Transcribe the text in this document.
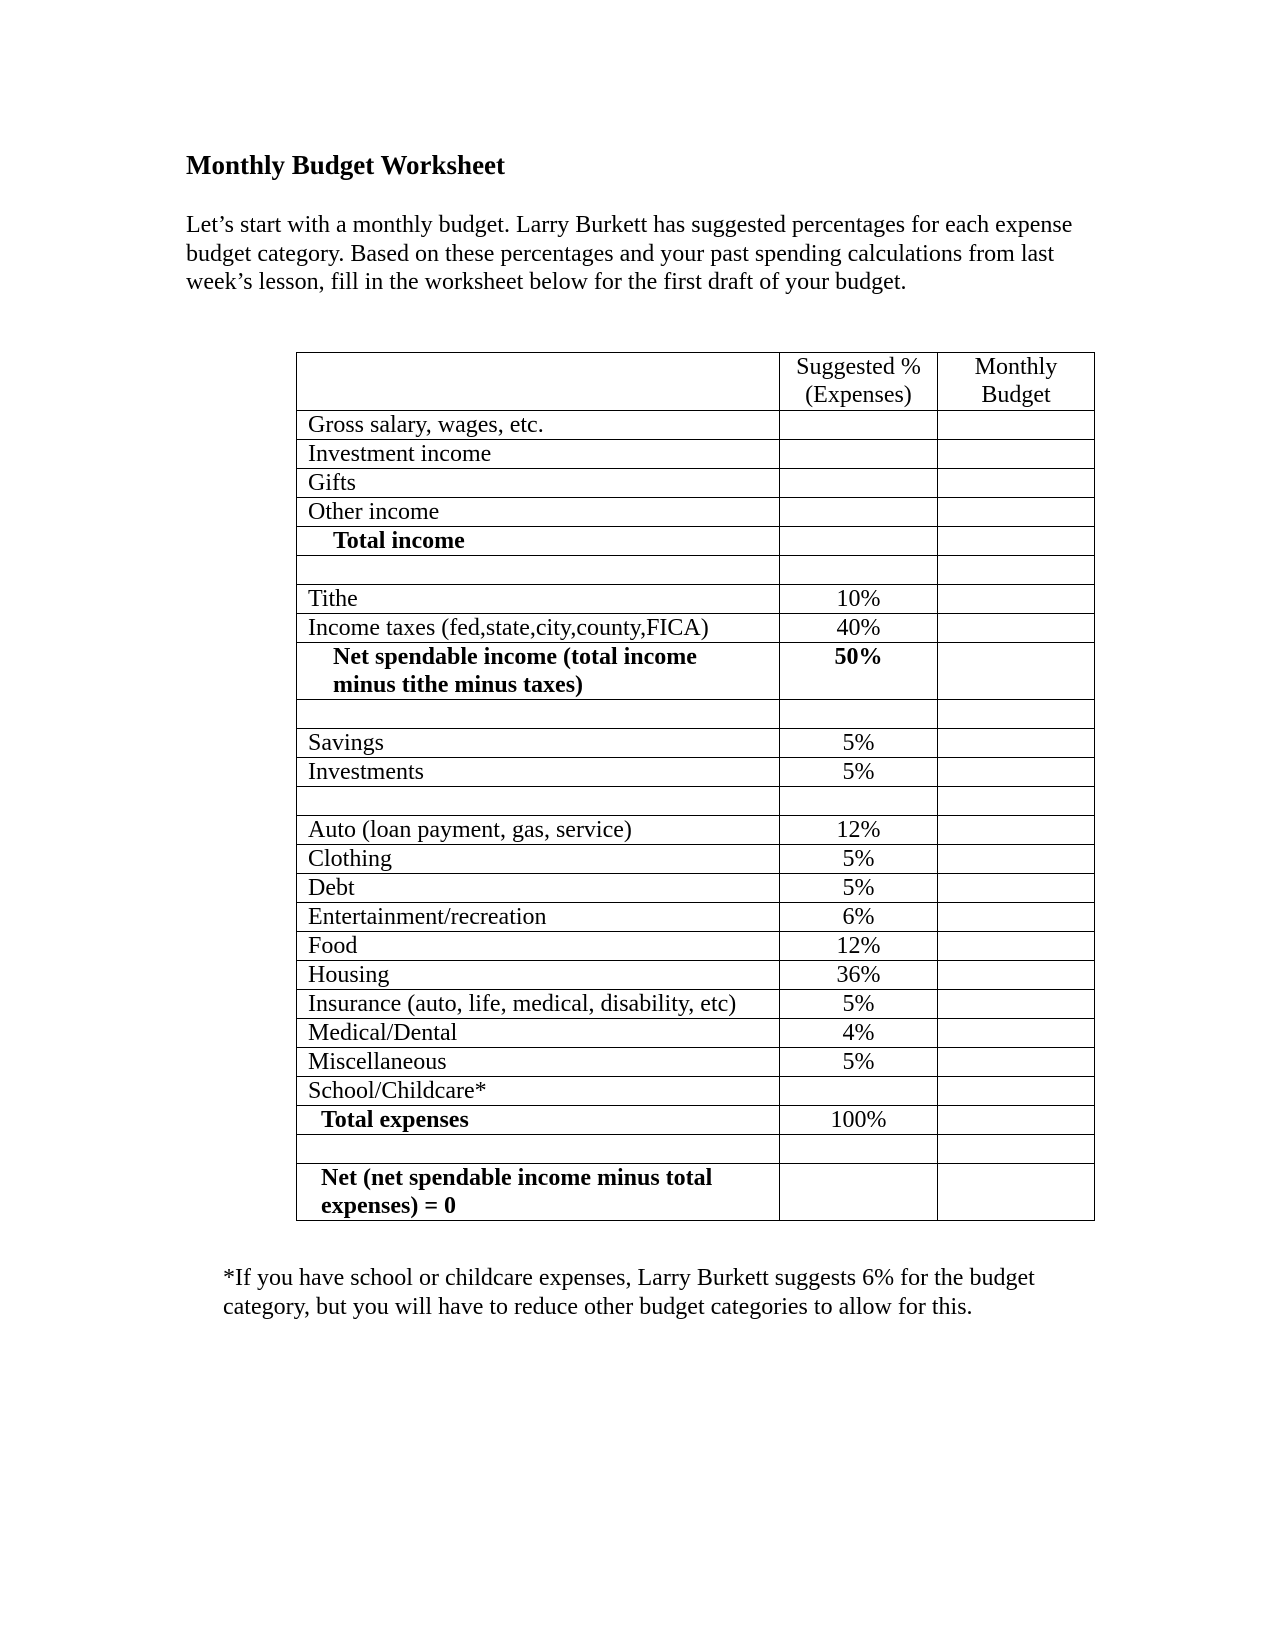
Monthly Budget Worksheet

Let’s start with a monthly budget. Larry Burkett has suggested percentages for each expense budget category. Based on these percentages and your past spending calculations from last week’s lesson, fill in the worksheet below for the first draft of your budget.

	Suggested % (Expenses)	Monthly Budget
Gross salary, wages, etc.		
Investment income		
Gifts		
Other income		

Total income		

Tithe	10%	
Income taxes (fed,state,city,county,FICA)	40%	

Net spendable income (total income minus tithe minus taxes)	50%	

Savings	5%	
Investments	5%	

Auto (loan payment, gas, service)	12%	
Clothing	5%	
Debt	5%	
Entertainment/recreation	6%	
Food	12%	
Housing	36%	
Insurance (auto, life, medical, disability, etc)	5%	
Medical/Dental	4%	
Miscellaneous	5%	
School/Childcare*		

Total expenses	100%	

Net (net spendable income minus total expenses) = 0		

*If you have school or childcare expenses, Larry Burkett suggests 6% for the budget category, but you will have to reduce other budget categories to allow for this.
